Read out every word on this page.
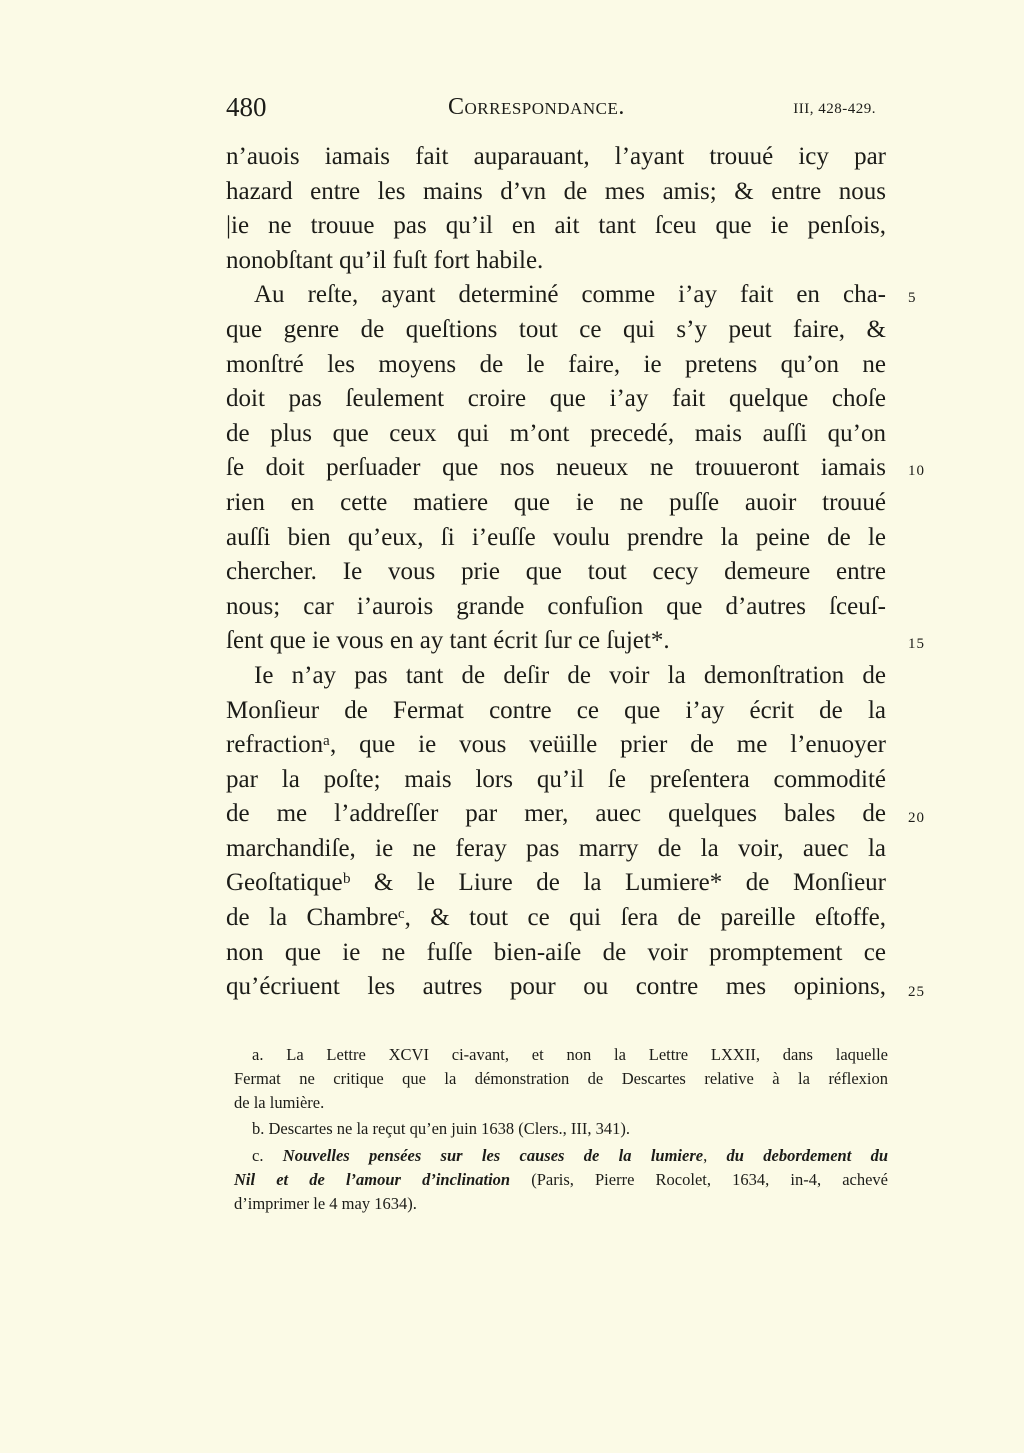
480	Correspondance.	III, 428-429.
n’auois iamais fait auparauant, l’ayant trouué icy par
hazard entre les mains d’vn de mes amis; & entre nous
|ie ne trouue pas qu’il en ait tant ſceu que ie penſois,
nonobſtant qu’il fuſt fort habile.
Au reſte, ayant determiné comme i’ay fait en cha-
que genre de queſtions tout ce qui s’y peut faire, &
monſtré les moyens de le faire, ie pretens qu’on ne
doit pas ſeulement croire que i’ay fait quelque choſe
de plus que ceux qui m’ont precedé, mais auſſi qu’on
ſe doit perſuader que nos neueux ne trouueront iamais
rien en cette matiere que ie ne puſſe auoir trouué
auſſi bien qu’eux, ſi i’euſſe voulu prendre la peine de le
chercher. Ie vous prie que tout cecy demeure entre
nous; car i’aurois grande confuſion que d’autres ſceuſ-
ſent que ie vous en ay tant écrit ſur ce ſujet*.
Ie n’ay pas tant de deſir de voir la demonſtration de
Monſieur de Fermat contre ce que i’ay écrit de la
refractionᵃ, que ie vous veüille prier de me l’enuoyer
par la poſte; mais lors qu’il ſe preſentera commodité
de me l’addreſſer par mer, auec quelques bales de
marchandiſe, ie ne feray pas marry de la voir, auec la
Geoſtatiqueᵇ & le Liure de la Lumiere* de Monſieur
de la Chambreᶜ, & tout ce qui ſera de pareille eſtoffe,
non que ie ne fuſſe bien-aiſe de voir promptement ce
qu’écriuent les autres pour ou contre mes opinions,
5
10
15
20
25
a. La Lettre XCVI ci-avant, et non la Lettre LXXII, dans laquelle
Fermat ne critique que la démonstration de Descartes relative à la réflexion
de la lumière.
b. Descartes ne la reçut qu’en juin 1638 (Clers., III, 341).
c. Nouvelles pensées sur les causes de la lumiere, du debordement du
Nil et de l’amour d’inclination (Paris, Pierre Rocolet, 1634, in-4, achevé
d’imprimer le 4 may 1634).
